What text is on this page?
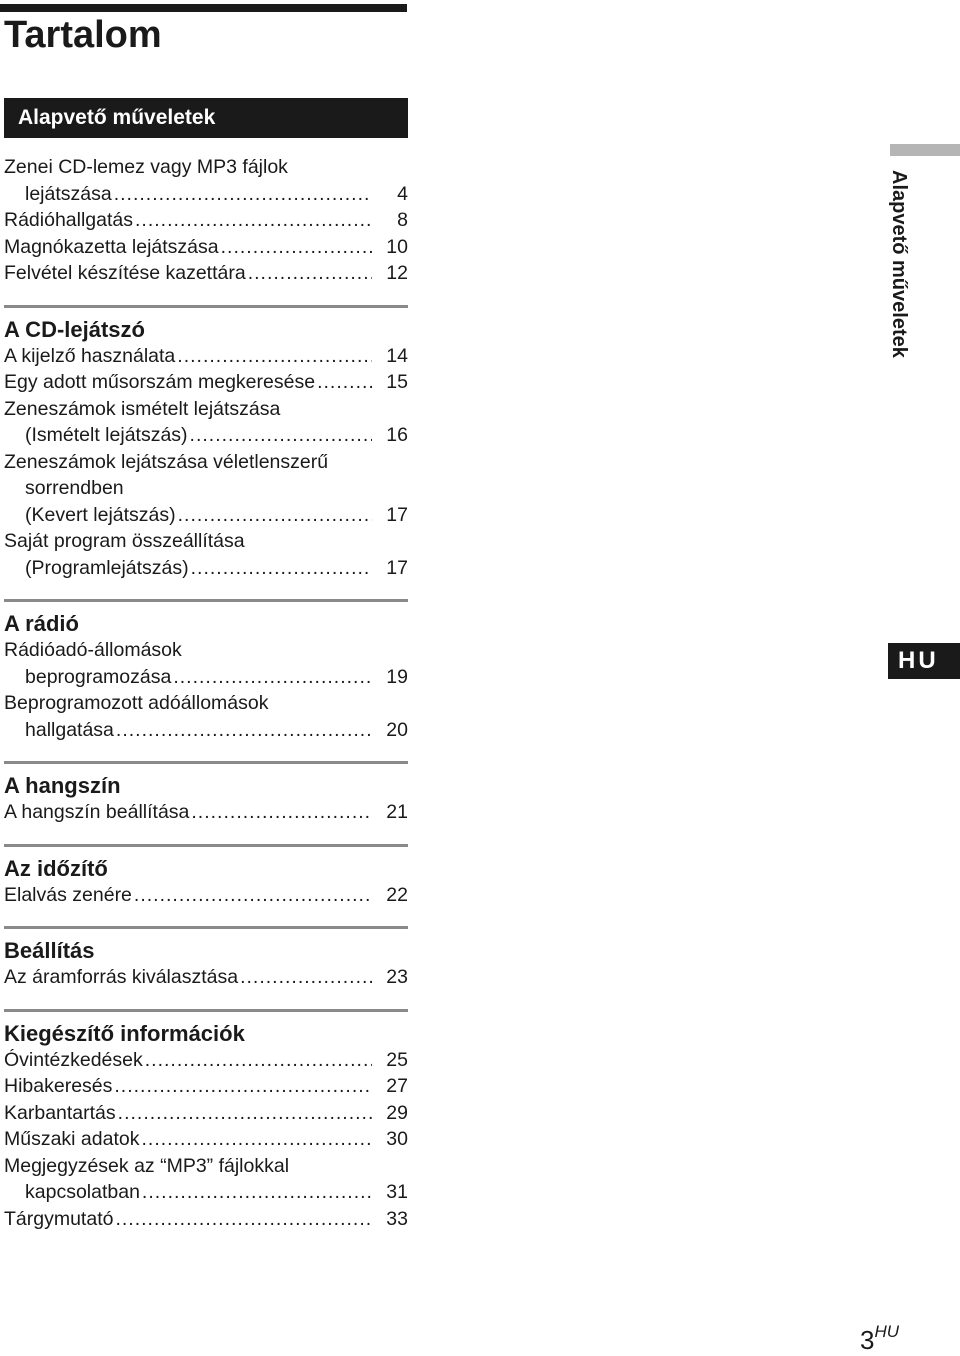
Tartalom
Alapvető műveletek
Zenei CD-lemez vagy MP3 fájlok
lejátszása .....	4
Rádióhallgatás .....	8
Magnókazetta lejátszása .....	10
Felvétel készítése kazettára .....	12
A CD-lejátszó
A kijelző használata .....	14
Egy adott műsorszám megkeresése .....	15
Zeneszámok ismételt lejátszása
(Ismételt lejátszás) .....	16
Zeneszámok lejátszása véletlenszerű
sorrendben
(Kevert lejátszás) .....	17
Saját program összeállítása
(Programlejátszás) .....	17
A rádió
Rádióadó-állomások
beprogramozása .....	19
Beprogramozott adóállomások
hallgatása .....	20
A hangszín
A hangszín beállítása .....	21
Az időzítő
Elalvás zenére .....	22
Beállítás
Az áramforrás kiválasztása .....	23
Kiegészítő információk
Óvintézkedések .....	25
Hibakeresés .....	27
Karbantartás .....	29
Műszaki adatok .....	30
Megjegyzések az “MP3” fájlokkal
kapcsolatban .....	31
Tárgymutató .....	33
Alapvető műveletek
HU
$3^{HU}$
